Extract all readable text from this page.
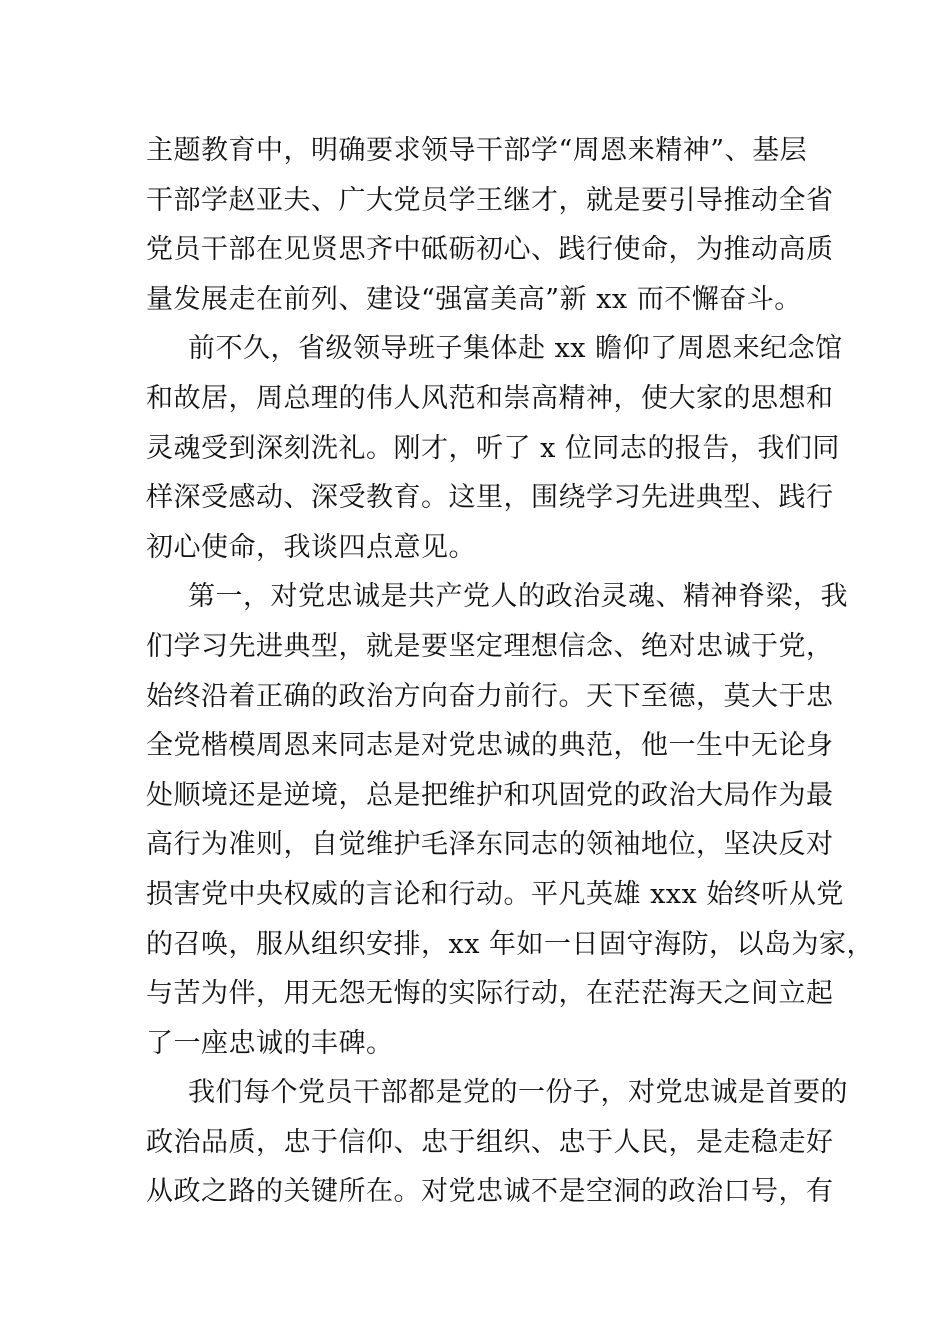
主题教育中，明确要求领导干部学“周恩来精神”、基层
干部学赵亚夫、广大党员学王继才，就是要引导推动全省
党员干部在见贤思齐中砥砺初心、践行使命，为推动高质
量发展走在前列、建设“强富美高”新 xx 而不懈奋斗。
前不久，省级领导班子集体赴 xx 瞻仰了周恩来纪念馆
和故居，周总理的伟人风范和崇高精神，使大家的思想和
灵魂受到深刻洗礼。刚才，听了 x 位同志的报告，我们同
样深受感动、深受教育。这里，围绕学习先进典型、践行
初心使命，我谈四点意见。
第一，对党忠诚是共产党人的政治灵魂、精神脊梁，我
们学习先进典型，就是要坚定理想信念、绝对忠诚于党，
始终沿着正确的政治方向奋力前行。天下至德，莫大于忠
全党楷模周恩来同志是对党忠诚的典范，他一生中无论身
处顺境还是逆境，总是把维护和巩固党的政治大局作为最
高行为准则，自觉维护毛泽东同志的领袖地位，坚决反对
损害党中央权威的言论和行动。平凡英雄 xxx 始终听从党
的召唤，服从组织安排，xx 年如一日固守海防，以岛为家，
与苦为伴，用无怨无悔的实际行动，在茫茫海天之间立起
了一座忠诚的丰碑。
我们每个党员干部都是党的一份子，对党忠诚是首要的
政治品质，忠于信仰、忠于组织、忠于人民，是走稳走好
从政之路的关键所在。对党忠诚不是空洞的政治口号，有
